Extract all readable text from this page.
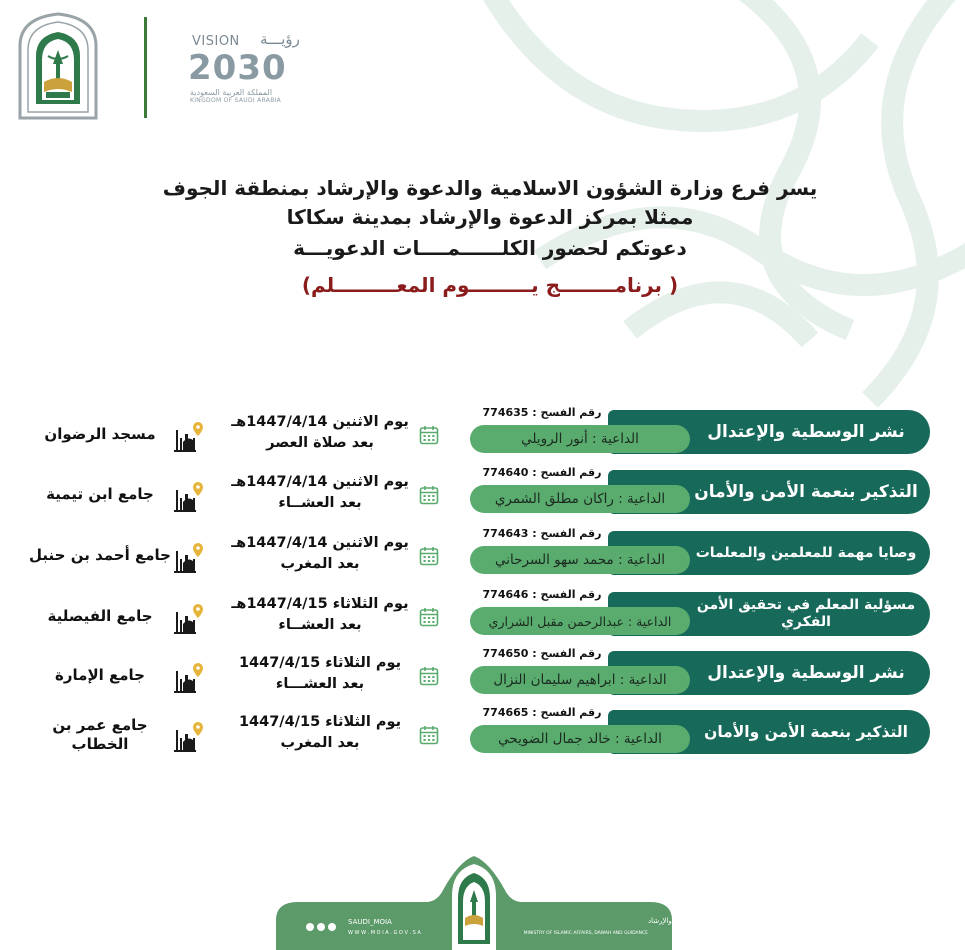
VISION رؤيـــة
2030
المملكة العربية السعودية
KINGDOM OF SAUDI ARABIA
يسر فرع وزارة الشؤون الاسلامية والدعوة والإرشاد بمنطقة الجوف
ممثلا بمركز الدعوة والإرشاد بمدينة سكاكا
دعوتكم لحضور الكلــــــمــــات الدعويـــة
( برنامــــــــج يـــــــــوم المعـــــــــلم)
نشر الوسطية والإعتدال
رقم الفسح : 774635
الداعية : أنور الرويلي
يوم الاثنين 1447/4/14هـ
بعد صلاة العصر
مسجد الرضوان
التذكير بنعمة الأمن والأمان
رقم الفسح : 774640
الداعية : راكان مطلق الشمري
يوم الاثنين 1447/4/14هـ
بعد العشــاء
جامع ابن تيمية
وصايا مهمة للمعلمين والمعلمات
رقم الفسح : 774643
الداعية : محمد سهو السرحاني
يوم الاثنين 1447/4/14هـ
بعد المغرب
جامع أحمد بن حنبل
مسؤلية المعلم في تحقيق الأمن الفكري
رقم الفسح : 774646
الداعية : عبدالرحمن مقبل الشراري
يوم الثلاثاء 1447/4/15هـ
بعد العشــاء
جامع الفيصلية
نشر الوسطية والإعتدال
رقم الفسح : 774650
الداعية : ابراهيم سليمان النزال
يوم الثلاثاء 1447/4/15
بعد العشـــاء
جامع الإمارة
التذكير بنعمة الأمن والأمان
رقم الفسح : 774665
الداعية : خالد جمال الضويحي
يوم الثلاثاء 1447/4/15
بعد المغرب
جامع عمر بن الخطاب
SAUDI_MOIA
W W W . M O I A . G O V . S A
وزارة الشؤون الإسلامية والدعوة والإرشاد
MINISTRY OF ISLAMIC AFFAIRS, DAWAH AND GUIDANCE
